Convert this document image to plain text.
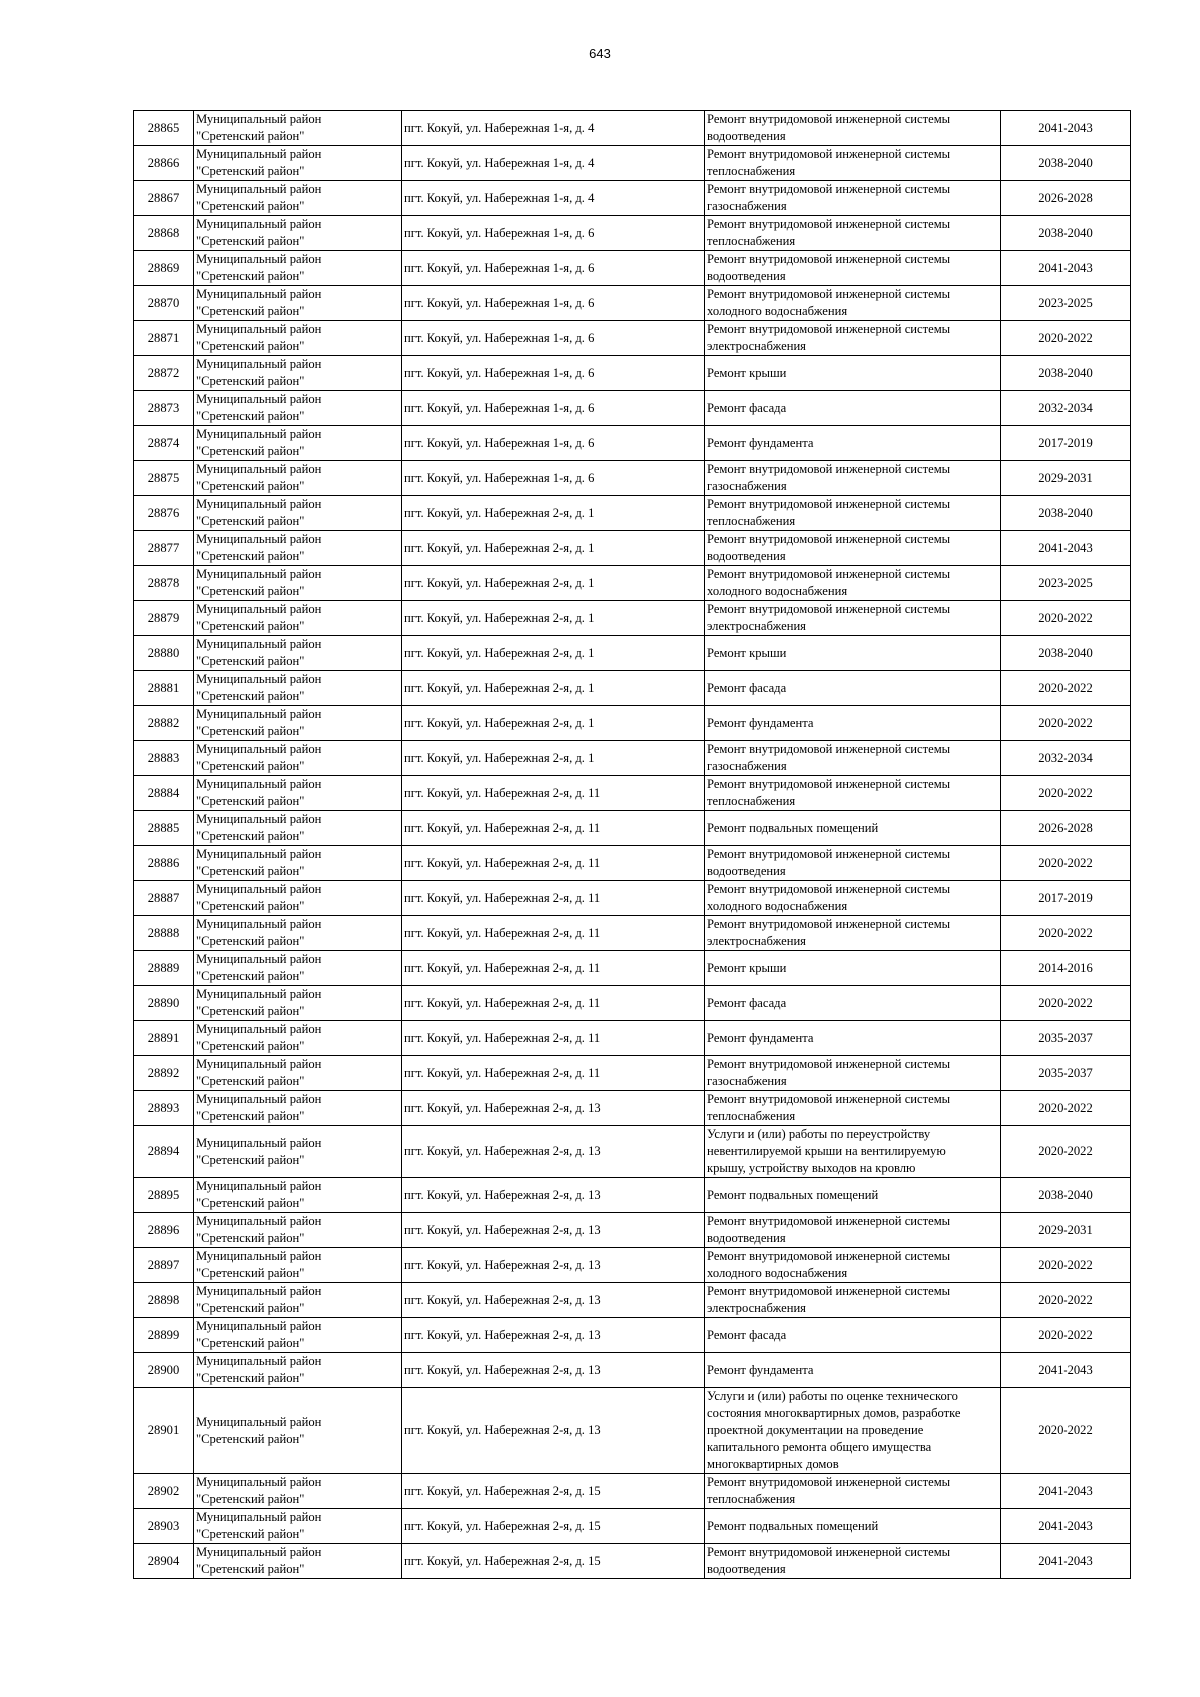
643
28865	Муниципальный район
"Сретенский район"	пгт. Кокуй, ул. Набережная 1-я, д. 4	Ремонт внутридомовой инженерной системы
водоотведения	2041-2043
28866	Муниципальный район
"Сретенский район"	пгт. Кокуй, ул. Набережная 1-я, д. 4	Ремонт внутридомовой инженерной системы
теплоснабжения	2038-2040
28867	Муниципальный район
"Сретенский район"	пгт. Кокуй, ул. Набережная 1-я, д. 4	Ремонт внутридомовой инженерной системы
газоснабжения	2026-2028
28868	Муниципальный район
"Сретенский район"	пгт. Кокуй, ул. Набережная 1-я, д. 6	Ремонт внутридомовой инженерной системы
теплоснабжения	2038-2040
28869	Муниципальный район
"Сретенский район"	пгт. Кокуй, ул. Набережная 1-я, д. 6	Ремонт внутридомовой инженерной системы
водоотведения	2041-2043
28870	Муниципальный район
"Сретенский район"	пгт. Кокуй, ул. Набережная 1-я, д. 6	Ремонт внутридомовой инженерной системы
холодного водоснабжения	2023-2025
28871	Муниципальный район
"Сретенский район"	пгт. Кокуй, ул. Набережная 1-я, д. 6	Ремонт внутридомовой инженерной системы
электроснабжения	2020-2022
28872	Муниципальный район
"Сретенский район"	пгт. Кокуй, ул. Набережная 1-я, д. 6	Ремонт крыши	2038-2040
28873	Муниципальный район
"Сретенский район"	пгт. Кокуй, ул. Набережная 1-я, д. 6	Ремонт фасада	2032-2034
28874	Муниципальный район
"Сретенский район"	пгт. Кокуй, ул. Набережная 1-я, д. 6	Ремонт фундамента	2017-2019
28875	Муниципальный район
"Сретенский район"	пгт. Кокуй, ул. Набережная 1-я, д. 6	Ремонт внутридомовой инженерной системы
газоснабжения	2029-2031
28876	Муниципальный район
"Сретенский район"	пгт. Кокуй, ул. Набережная 2-я, д. 1	Ремонт внутридомовой инженерной системы
теплоснабжения	2038-2040
28877	Муниципальный район
"Сретенский район"	пгт. Кокуй, ул. Набережная 2-я, д. 1	Ремонт внутридомовой инженерной системы
водоотведения	2041-2043
28878	Муниципальный район
"Сретенский район"	пгт. Кокуй, ул. Набережная 2-я, д. 1	Ремонт внутридомовой инженерной системы
холодного водоснабжения	2023-2025
28879	Муниципальный район
"Сретенский район"	пгт. Кокуй, ул. Набережная 2-я, д. 1	Ремонт внутридомовой инженерной системы
электроснабжения	2020-2022
28880	Муниципальный район
"Сретенский район"	пгт. Кокуй, ул. Набережная 2-я, д. 1	Ремонт крыши	2038-2040
28881	Муниципальный район
"Сретенский район"	пгт. Кокуй, ул. Набережная 2-я, д. 1	Ремонт фасада	2020-2022
28882	Муниципальный район
"Сретенский район"	пгт. Кокуй, ул. Набережная 2-я, д. 1	Ремонт фундамента	2020-2022
28883	Муниципальный район
"Сретенский район"	пгт. Кокуй, ул. Набережная 2-я, д. 1	Ремонт внутридомовой инженерной системы
газоснабжения	2032-2034
28884	Муниципальный район
"Сретенский район"	пгт. Кокуй, ул. Набережная 2-я, д. 11	Ремонт внутридомовой инженерной системы
теплоснабжения	2020-2022
28885	Муниципальный район
"Сретенский район"	пгт. Кокуй, ул. Набережная 2-я, д. 11	Ремонт подвальных помещений	2026-2028
28886	Муниципальный район
"Сретенский район"	пгт. Кокуй, ул. Набережная 2-я, д. 11	Ремонт внутридомовой инженерной системы
водоотведения	2020-2022
28887	Муниципальный район
"Сретенский район"	пгт. Кокуй, ул. Набережная 2-я, д. 11	Ремонт внутридомовой инженерной системы
холодного водоснабжения	2017-2019
28888	Муниципальный район
"Сретенский район"	пгт. Кокуй, ул. Набережная 2-я, д. 11	Ремонт внутридомовой инженерной системы
электроснабжения	2020-2022
28889	Муниципальный район
"Сретенский район"	пгт. Кокуй, ул. Набережная 2-я, д. 11	Ремонт крыши	2014-2016
28890	Муниципальный район
"Сретенский район"	пгт. Кокуй, ул. Набережная 2-я, д. 11	Ремонт фасада	2020-2022
28891	Муниципальный район
"Сретенский район"	пгт. Кокуй, ул. Набережная 2-я, д. 11	Ремонт фундамента	2035-2037
28892	Муниципальный район
"Сретенский район"	пгт. Кокуй, ул. Набережная 2-я, д. 11	Ремонт внутридомовой инженерной системы
газоснабжения	2035-2037
28893	Муниципальный район
"Сретенский район"	пгт. Кокуй, ул. Набережная 2-я, д. 13	Ремонт внутридомовой инженерной системы
теплоснабжения	2020-2022
28894	Муниципальный район
"Сретенский район"	пгт. Кокуй, ул. Набережная 2-я, д. 13	Услуги и (или) работы по переустройству
невентилируемой крыши на вентилируемую
крышу, устройству выходов на кровлю	2020-2022
28895	Муниципальный район
"Сретенский район"	пгт. Кокуй, ул. Набережная 2-я, д. 13	Ремонт подвальных помещений	2038-2040
28896	Муниципальный район
"Сретенский район"	пгт. Кокуй, ул. Набережная 2-я, д. 13	Ремонт внутридомовой инженерной системы
водоотведения	2029-2031
28897	Муниципальный район
"Сретенский район"	пгт. Кокуй, ул. Набережная 2-я, д. 13	Ремонт внутридомовой инженерной системы
холодного водоснабжения	2020-2022
28898	Муниципальный район
"Сретенский район"	пгт. Кокуй, ул. Набережная 2-я, д. 13	Ремонт внутридомовой инженерной системы
электроснабжения	2020-2022
28899	Муниципальный район
"Сретенский район"	пгт. Кокуй, ул. Набережная 2-я, д. 13	Ремонт фасада	2020-2022
28900	Муниципальный район
"Сретенский район"	пгт. Кокуй, ул. Набережная 2-я, д. 13	Ремонт фундамента	2041-2043
28901	Муниципальный район
"Сретенский район"	пгт. Кокуй, ул. Набережная 2-я, д. 13	Услуги и (или) работы по оценке технического
состояния многоквартирных домов, разработке
проектной документации на проведение
капитального ремонта общего имущества
многоквартирных домов	2020-2022
28902	Муниципальный район
"Сретенский район"	пгт. Кокуй, ул. Набережная 2-я, д. 15	Ремонт внутридомовой инженерной системы
теплоснабжения	2041-2043
28903	Муниципальный район
"Сретенский район"	пгт. Кокуй, ул. Набережная 2-я, д. 15	Ремонт подвальных помещений	2041-2043
28904	Муниципальный район
"Сретенский район"	пгт. Кокуй, ул. Набережная 2-я, д. 15	Ремонт внутридомовой инженерной системы
водоотведения	2041-2043
